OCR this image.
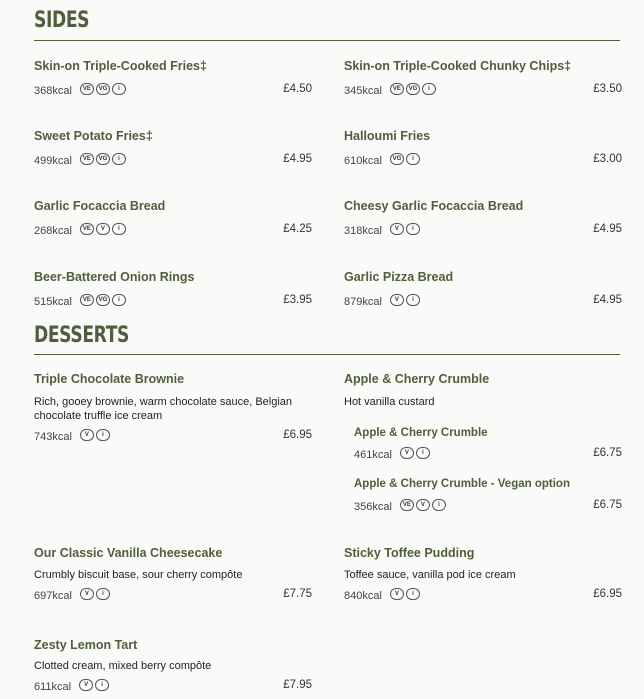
SIDES
Skin-on Triple-Cooked Fries‡
368kcal	VE	VG	i	£4.50
Skin-on Triple-Cooked Chunky Chips‡
345kcal	VE	VG	i	£3.50
Sweet Potato Fries‡
499kcal	VE	VG	i	£4.95
Halloumi Fries
610kcal	VG	i	£3.00
Garlic Focaccia Bread
268kcal	VE	V	i	£4.25
Cheesy Garlic Focaccia Bread
318kcal	V	i	£4.95
Beer-Battered Onion Rings
515kcal	VE	VG	i	£3.95
Garlic Pizza Bread
879kcal	V	i	£4.95
DESSERTS
Triple Chocolate Brownie
Rich, gooey brownie, warm chocolate sauce, Belgian chocolate truffle ice cream
743kcal	V	i	£6.95
Apple & Cherry Crumble
Hot vanilla custard
Apple & Cherry Crumble
461kcal	V	i	£6.75
Apple & Cherry Crumble - Vegan option
356kcal	VE	V	i	£6.75
Our Classic Vanilla Cheesecake
Crumbly biscuit base, sour cherry compôte
697kcal	V	i	£7.75
Sticky Toffee Pudding
Toffee sauce, vanilla pod ice cream
840kcal	V	i	£6.95
Zesty Lemon Tart
Clotted cream, mixed berry compôte
611kcal	V	i	£7.95
